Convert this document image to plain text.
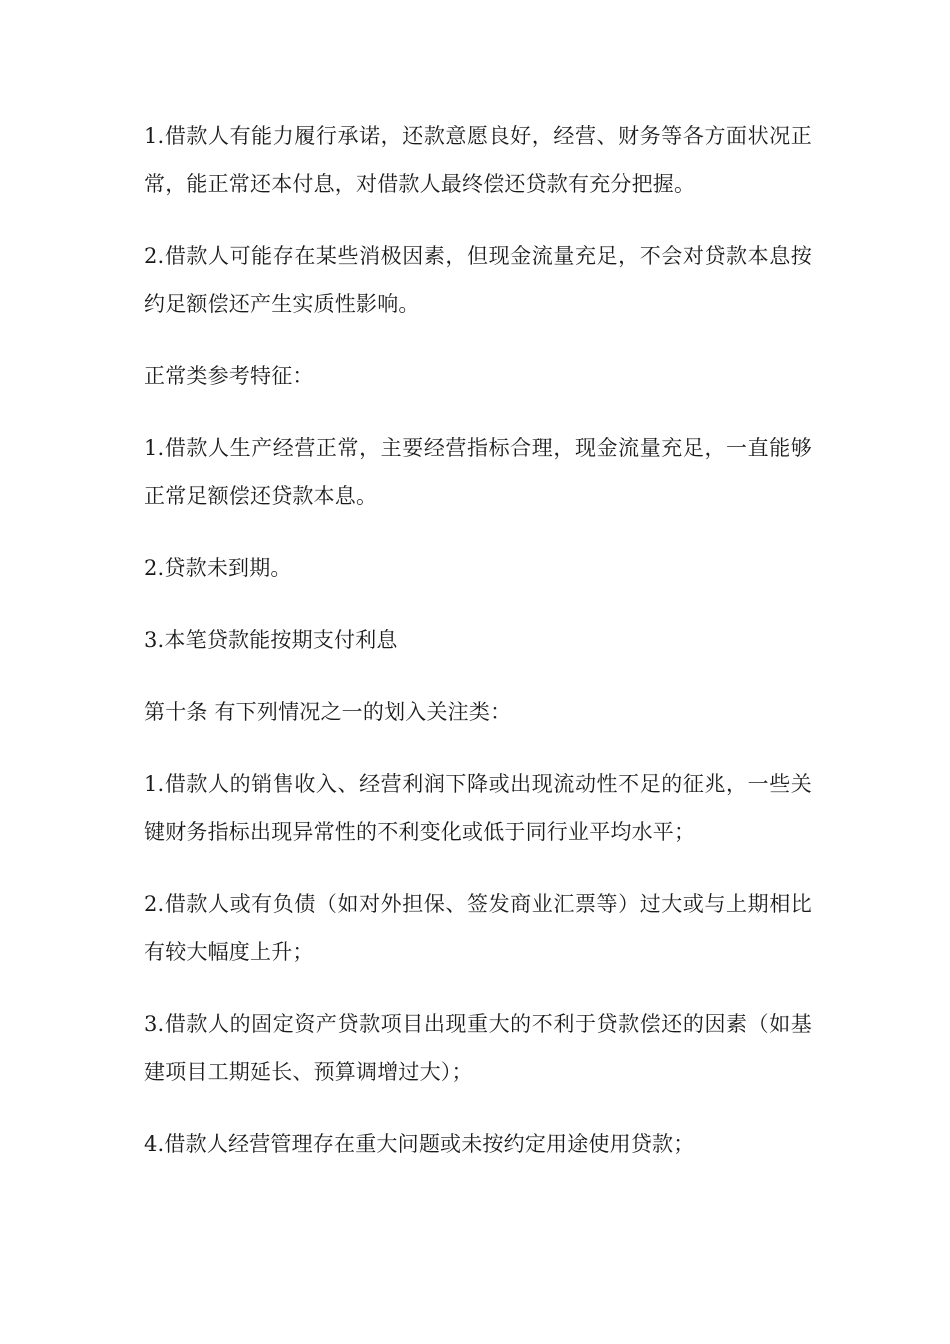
1.借款人有能力履行承诺，还款意愿良好，经营、财务等各方面状况正常，能正常还本付息，对借款人最终偿还贷款有充分把握。

2.借款人可能存在某些消极因素，但现金流量充足，不会对贷款本息按约足额偿还产生实质性影响。

正常类参考特征：

1.借款人生产经营正常，主要经营指标合理，现金流量充足，一直能够正常足额偿还贷款本息。

2.贷款未到期。

3.本笔贷款能按期支付利息

第十条 有下列情况之一的划入关注类：

1.借款人的销售收入、经营利润下降或出现流动性不足的征兆，一些关键财务指标出现异常性的不利变化或低于同行业平均水平；

2.借款人或有负债（如对外担保、签发商业汇票等）过大或与上期相比有较大幅度上升；

3.借款人的固定资产贷款项目出现重大的不利于贷款偿还的因素（如基建项目工期延长、预算调增过大）；

4.借款人经营管理存在重大问题或未按约定用途使用贷款；
